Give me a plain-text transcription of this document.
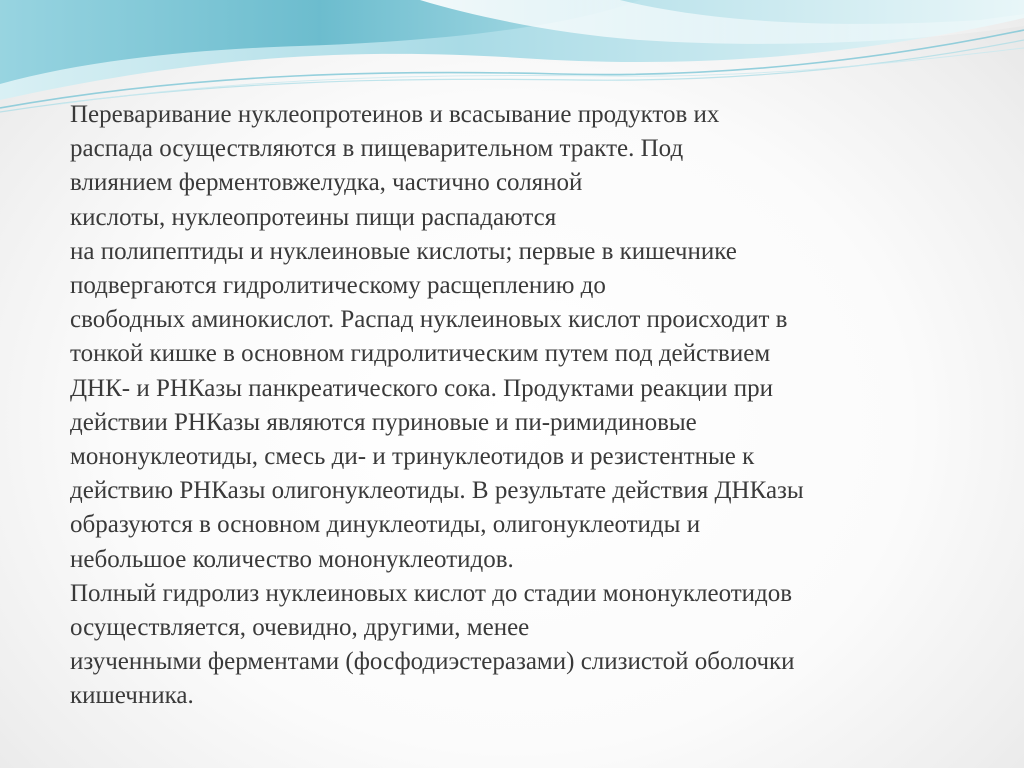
Переваривание нуклеопротеинов и всасывание продуктов их
распада осуществляются в пищеварительном тракте. Под
влиянием ферментовжелудка, частично соляной
кислоты, нуклеопротеины пищи распадаются
на полипептиды и нуклеиновые кислоты; первые в кишечнике
подвергаются гидролитическому расщеплению до
свободных аминокислот. Распад нуклеиновых кислот происходит в
тонкой кишке в основном гидролитическим путем под действием
ДНК- и РНКазы панкреатического сока. Продуктами реакции при
действии РНКазы являются пуриновые и пи-римидиновые
мононуклеотиды, смесь ди- и тринуклеотидов и резистентные к
действию РНКазы олигонуклеотиды. В результате действия ДНКазы
образуются в основном динуклеотиды, олигонуклеотиды и
небольшое количество мононуклеотидов.
Полный гидролиз нуклеиновых кислот до стадии мононуклеотидов
осуществляется, очевидно, другими, менее
изученными ферментами (фосфодиэстеразами) слизистой оболочки
кишечника.
